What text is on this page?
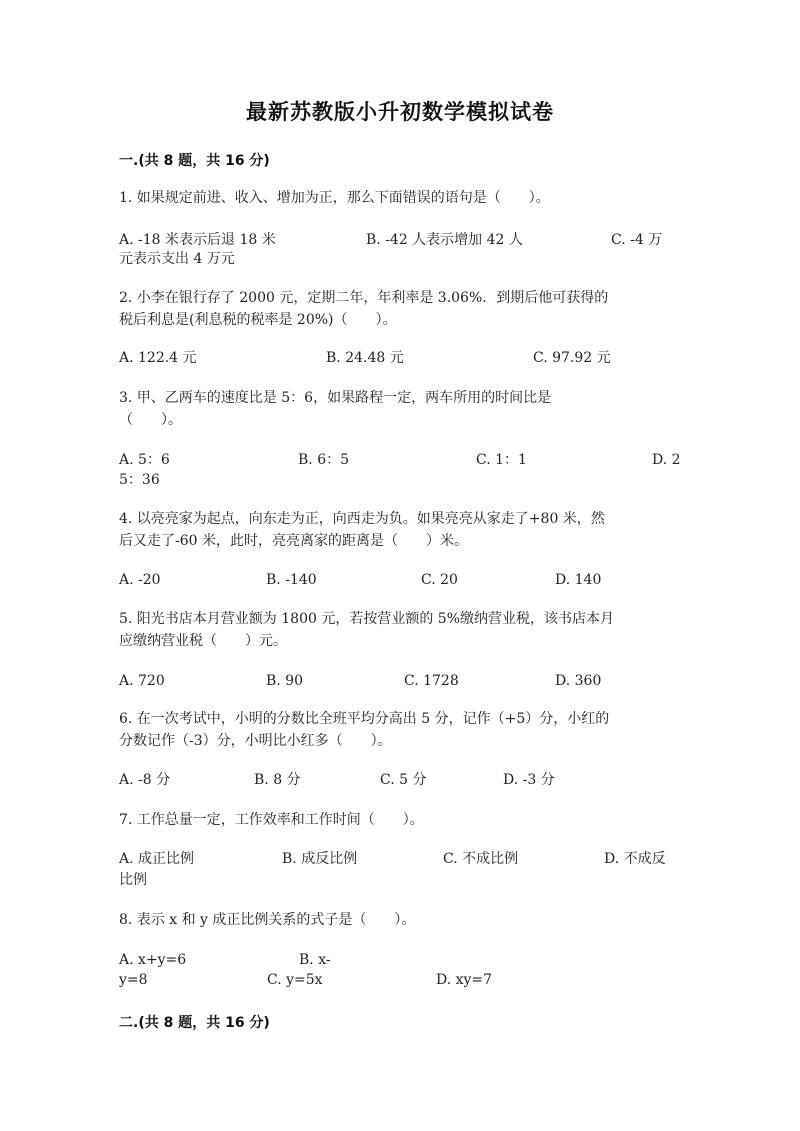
最新苏教版小升初数学模拟试卷
一.(共 8 题，共 16 分)
1. 如果规定前进、收入、增加为正，那么下面错误的语句是（　　）。
A. -18 米表示后退 18 米	B. -42 人表示增加 42 人	C. -4 万
元表示支出 4 万元
2. 小李在银行存了 2000 元，定期二年，年利率是 3.06%．到期后他可获得的
税后利息是(利息税的税率是 20%)（　　）。
A. 122.4 元	B. 24.48 元	C. 97.92 元
3. 甲、乙两车的速度比是 5：6，如果路程一定，两车所用的时间比是
（　　）。
A. 5：6	B. 6：5	C. 1：1	D. 2
5：36
4. 以亮亮家为起点，向东走为正，向西走为负。如果亮亮从家走了+80 米，然
后又走了-60 米，此时，亮亮离家的距离是（　　）米。
A. -20	B. -140	C. 20	D. 140
5. 阳光书店本月营业额为 1800 元，若按营业额的 5%缴纳营业税，该书店本月
应缴纳营业税（　　）元。
A. 720	B. 90	C. 1728	D. 360
6. 在一次考试中，小明的分数比全班平均分高出 5 分，记作（+5）分，小红的
分数记作（-3）分，小明比小红多（　　）。
A. -8 分	B. 8 分	C. 5 分	D. -3 分
7. 工作总量一定，工作效率和工作时间（　　）。
A. 成正比例	B. 成反比例	C. 不成比例	D. 不成反
比例
8. 表示 x 和 y 成正比例关系的式子是（　　）。
A. x+y=6	B. x-
y=8	C. y=5x	D. xy=7
二.(共 8 题，共 16 分)
